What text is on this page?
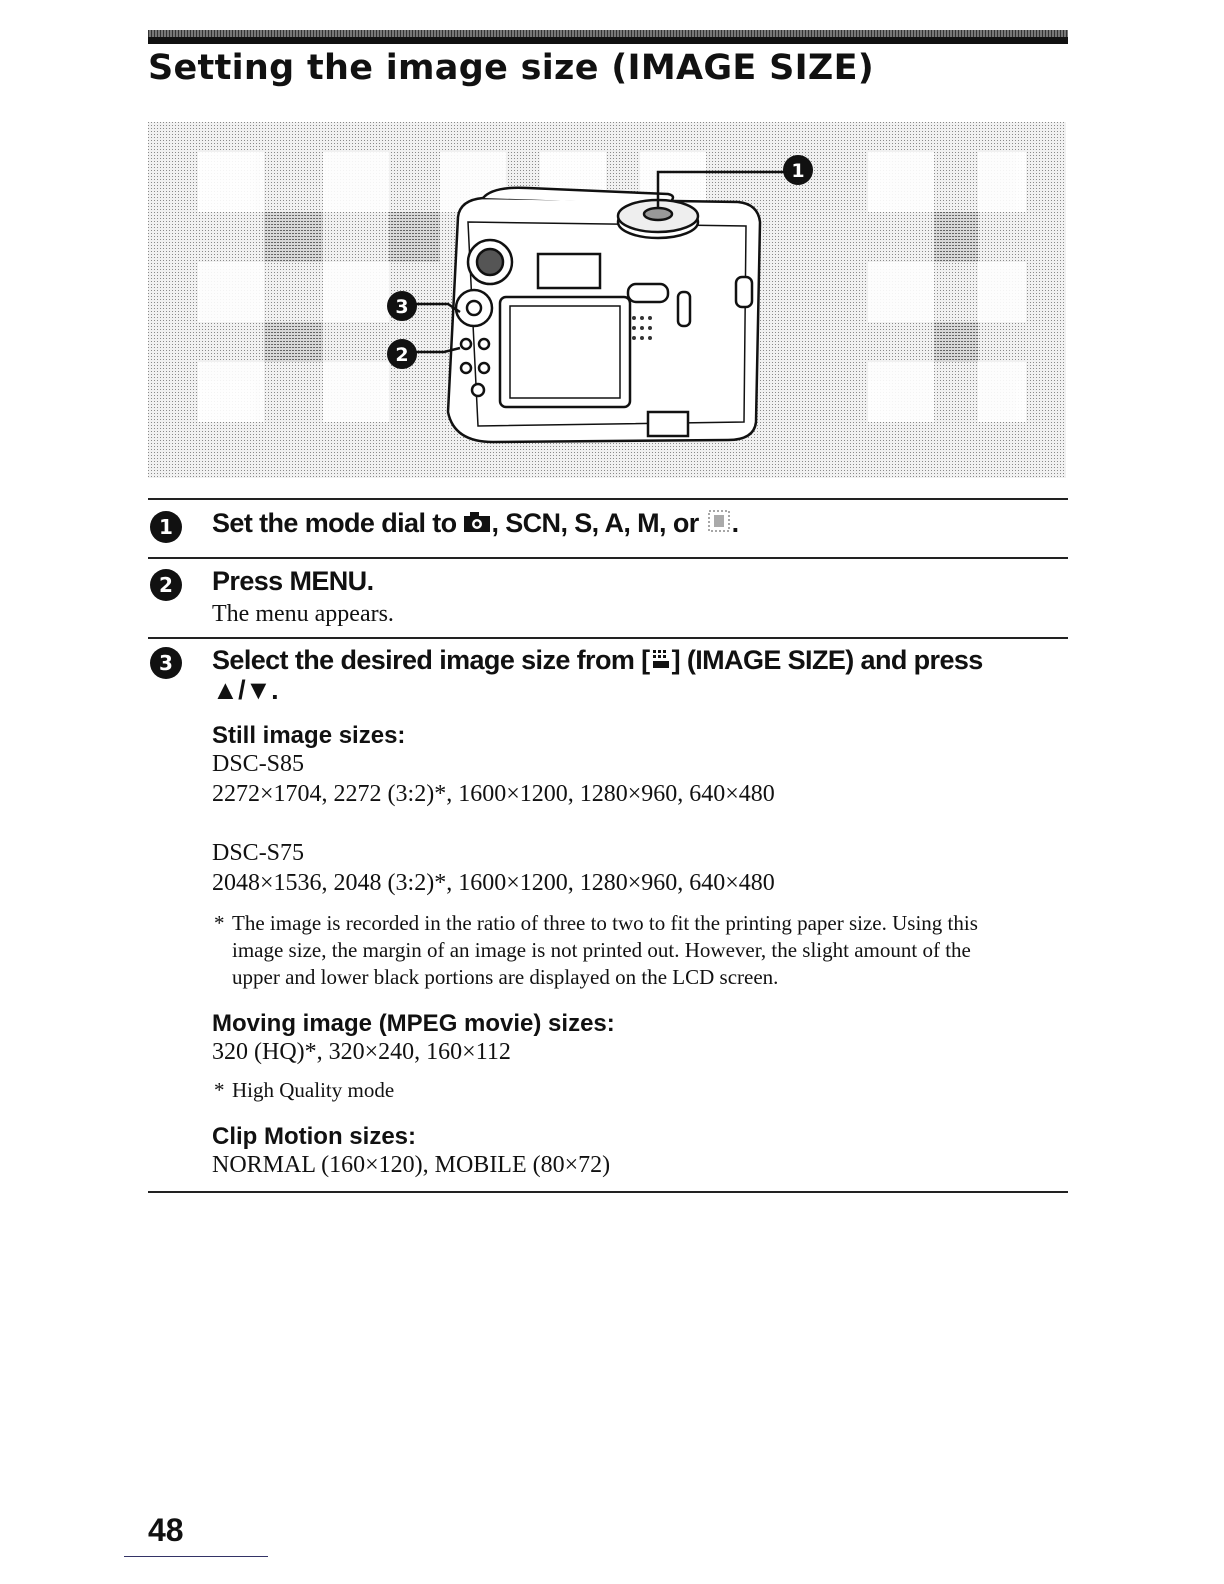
Setting the image size (IMAGE SIZE)
1
3
2
1	Set the mode dial to , SCN, S, A, M, or .
2	Press MENU.
The menu appears.
3	Select the desired image size from [ ] (IMAGE SIZE) and press
▲/▼.
Still image sizes:
DSC-S85
2272×1704, 2272 (3:2)*, 1600×1200, 1280×960, 640×480
DSC-S75
2048×1536, 2048 (3:2)*, 1600×1200, 1280×960, 640×480
* The image is recorded in the ratio of three to two to fit the printing paper size. Using this
image size, the margin of an image is not printed out. However, the slight amount of the
upper and lower black portions are displayed on the LCD screen.
Moving image (MPEG movie) sizes:
320 (HQ)*, 320×240, 160×112
* High Quality mode
Clip Motion sizes:
NORMAL (160×120), MOBILE (80×72)
48
